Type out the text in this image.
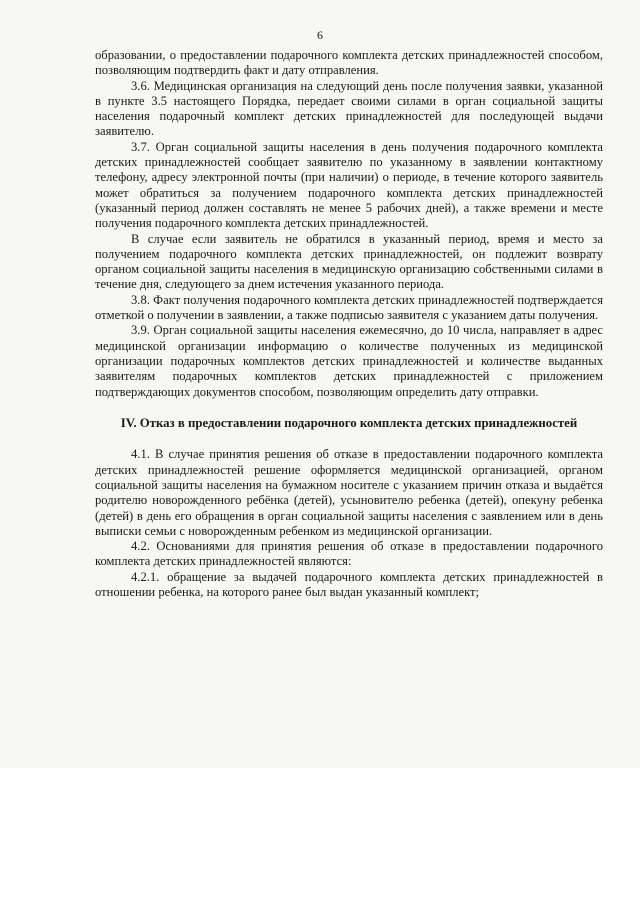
6

образовании, о предоставлении подарочного комплекта детских принадлежностей способом, позволяющим подтвердить факт и дату отправления.

3.6. Медицинская организация на следующий день после получения заявки, указанной в пункте 3.5 настоящего Порядка, передает своими силами в орган социальной защиты населения подарочный комплект детских принадлежностей для последующей выдачи заявителю.

3.7. Орган социальной защиты населения в день получения подарочного комплекта детских принадлежностей сообщает заявителю по указанному в заявлении контактному телефону, адресу электронной почты (при наличии) о периоде, в течение которого заявитель может обратиться за получением подарочного комплекта детских принадлежностей (указанный период должен составлять не менее 5 рабочих дней), а также времени и месте получения подарочного комплекта детских принадлежностей.

В случае если заявитель не обратился в указанный период, время и место за получением подарочного комплекта детских принадлежностей, он подлежит возврату органом социальной защиты населения в медицинскую организацию собственными силами в течение дня, следующего за днем истечения указанного периода.

3.8. Факт получения подарочного комплекта детских принадлежностей подтверждается отметкой о получении в заявлении, а также подписью заявителя с указанием даты получения.

3.9. Орган социальной защиты населения ежемесячно, до 10 числа, направляет в адрес медицинской организации информацию о количестве полученных из медицинской организации подарочных комплектов детских принадлежностей и количестве выданных заявителям подарочных комплектов детских принадлежностей с приложением подтверждающих документов способом, позволяющим определить дату отправки.

IV. Отказ в предоставлении подарочного комплекта детских принадлежностей

4.1. В случае принятия решения об отказе в предоставлении подарочного комплекта детских принадлежностей решение оформляется медицинской организацией, органом социальной защиты населения на бумажном носителе с указанием причин отказа и выдаётся родителю новорожденного ребёнка (детей), усыновителю ребенка (детей), опекуну ребенка (детей) в день его обращения в орган социальной защиты населения с заявлением или в день выписки семьи с новорожденным ребенком из медицинской организации.

4.2. Основаниями для принятия решения об отказе в предоставлении подарочного комплекта детских принадлежностей являются:

4.2.1. обращение за выдачей подарочного комплекта детских принадлежностей в отношении ребенка, на которого ранее был выдан указанный комплект;
